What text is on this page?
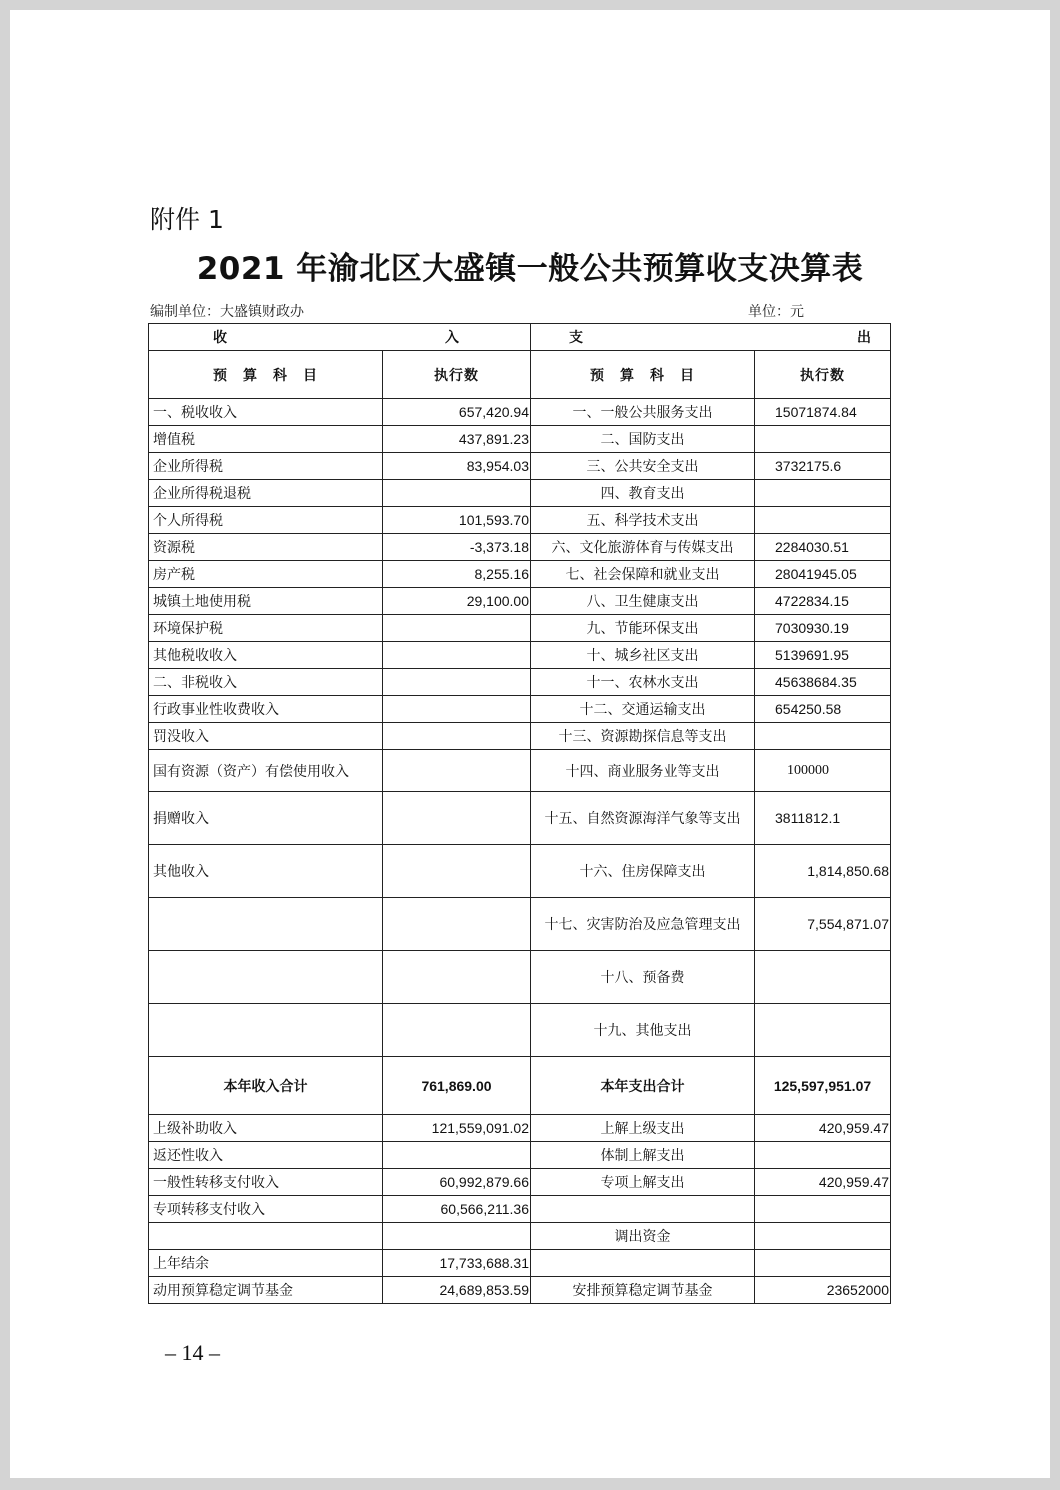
附件 1
2021 年渝北区大盛镇一般公共预算收支决算表
编制单位：大盛镇财政办	单位：元
收 入		支 出	

预　算　科　目	执行数	预　算　科　目	执行数
一、税收收入	657,420.94	一、一般公共服务支出	15071874.84
增值税	437,891.23	二、国防支出	
企业所得税	83,954.03	三、公共安全支出	3732175.6
企业所得税退税		四、教育支出	
个人所得税	101,593.70	五、科学技术支出	
资源税	-3,373.18	六、文化旅游体育与传媒支出	2284030.51
房产税	8,255.16	七、社会保障和就业支出	28041945.05
城镇土地使用税	29,100.00	八、卫生健康支出	4722834.15
环境保护税		九、节能环保支出	7030930.19
其他税收收入		十、城乡社区支出	5139691.95
二、非税收入		十一、农林水支出	45638684.35
行政事业性收费收入		十二、交通运输支出	654250.58
罚没收入		十三、资源勘探信息等支出	
国有资源（资产）有偿使用收入		十四、商业服务业等支出	100000
捐赠收入		十五、自然资源海洋气象等支出	3811812.1
其他收入		十六、住房保障支出	1,814,850.68
		十七、灾害防治及应急管理支出	7,554,871.07
		十八、预备费	
		十九、其他支出	
本年收入合计	761,869.00	本年支出合计	125,597,951.07
上级补助收入	121,559,091.02	上解上级支出	420,959.47
返还性收入		体制上解支出	
一般性转移支付收入	60,992,879.66	专项上解支出	420,959.47
专项转移支付收入	60,566,211.36		
		调出资金	
上年结余	17,733,688.31		
动用预算稳定调节基金	24,689,853.59	安排预算稳定调节基金	23652000
– 14 –
